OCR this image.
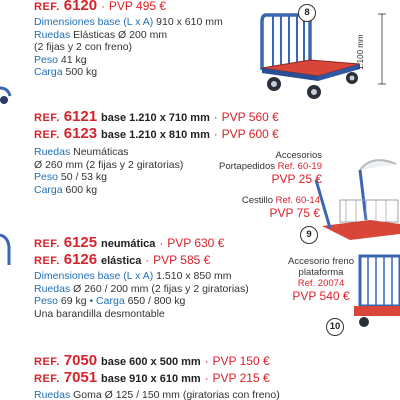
REF. 6120 · PVP 495 €
Dimensiones base (L x A) 910 x 610 mm
Ruedas Elásticas Ø 200 mm
(2 fijas y 2 con freno)
Peso 41 kg
Carga 500 kg
1.100 mm
8
REF. 6121 base 1.210 x 710 mm · PVP 560 €
REF. 6123 base 1.210 x 810 mm · PVP 600 €
Ruedas Neumáticas
Ø 260 mm (2 fijas y 2 giratorias)
Peso 50 / 53 kg
Carga 600 kg
9
Accesorios
Portapedidos Ref. 60-19
PVP 25 €
Cestillo Ref. 60-14
PVP 75 €
REF. 6125 neumática · PVP 630 €
REF. 6126 elástica · PVP 585 €
Dimensiones base (L x A) 1.510 x 850 mm
Ruedas Ø 260 / 200 mm (2 fijas y 2 giratorias)
Peso 69 kg • Carga 650 / 800 kg
Una barandilla desmontable
Accesorio freno
plataforma
Ref. 20074
PVP 540 €
10
REF. 7050 base 600 x 500 mm · PVP 150 €
REF. 7051 base 910 x 610 mm · PVP 215 €
Ruedas Goma Ø 125 / 150 mm (giratorias con freno)
